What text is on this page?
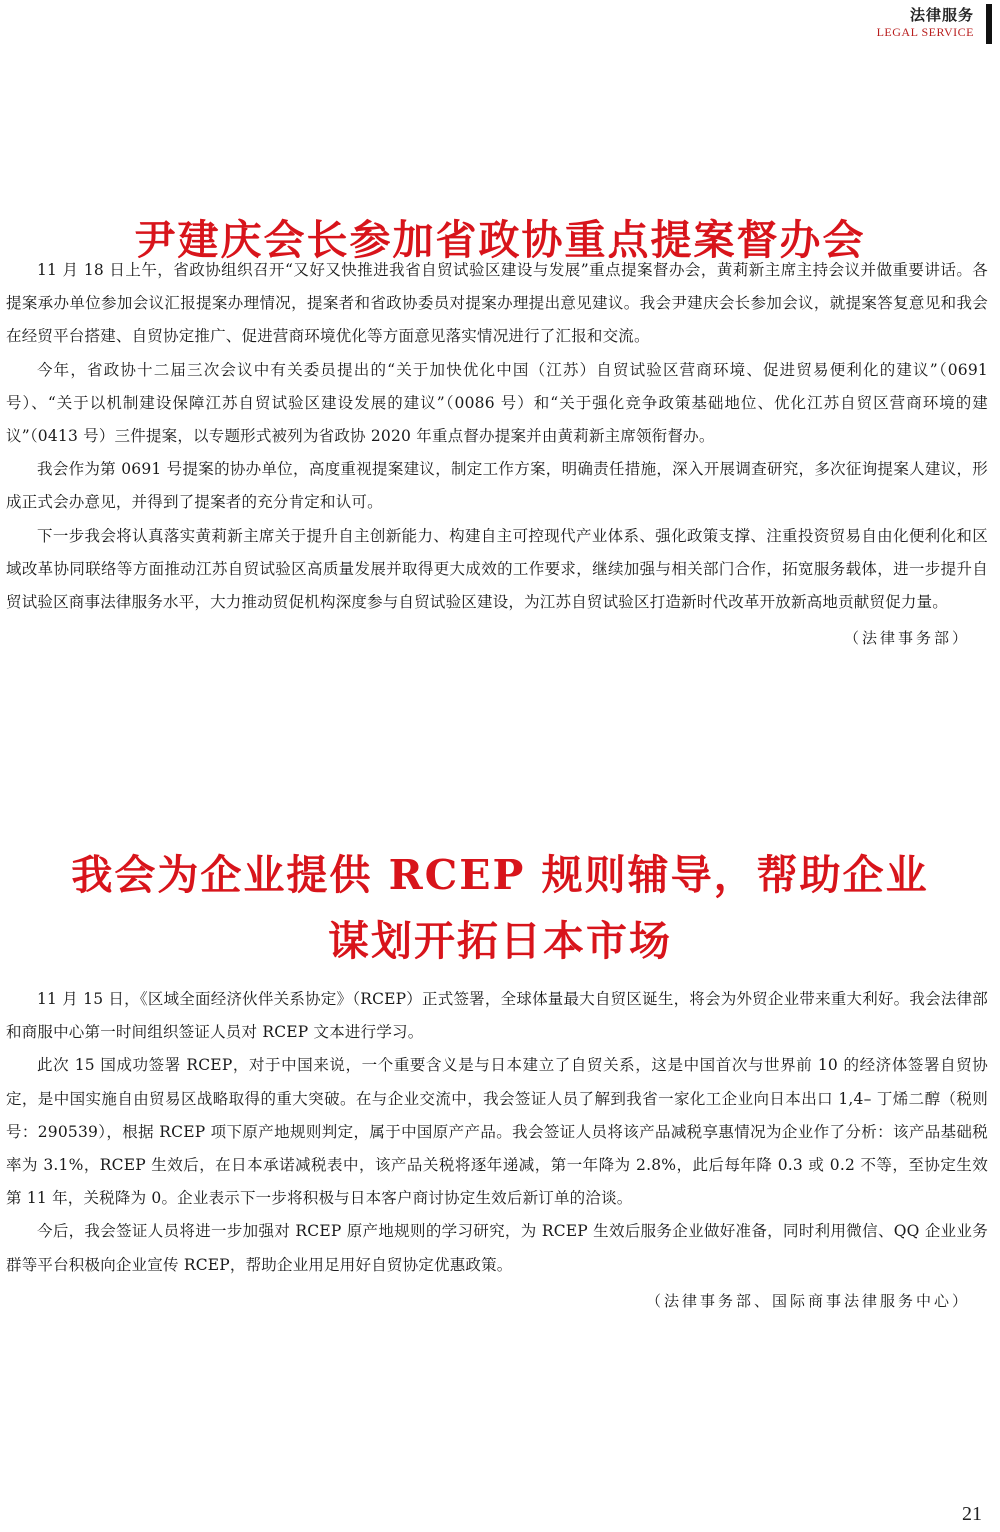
法律服务
LEGAL SERVICE
尹建庆会长参加省政协重点提案督办会

11 月 18 日上午，省政协组织召开“又好又快推进我省自贸试验区建设与发展”重点提案督办会，黄莉新主席主持会议并做重要讲话。各提案承办单位参加会议汇报提案办理情况，提案者和省政协委员对提案办理提出意见建议。我会尹建庆会长参加会议，就提案答复意见和我会在经贸平台搭建、自贸协定推广、促进营商环境优化等方面意见落实情况进行了汇报和交流。

今年，省政协十二届三次会议中有关委员提出的“关于加快优化中国（江苏）自贸试验区营商环境、促进贸易便利化的建议”（0691 号）、“关于以机制建设保障江苏自贸试验区建设发展的建议”（0086 号）和“关于强化竞争政策基础地位、优化江苏自贸区营商环境的建议”（0413 号）三件提案，以专题形式被列为省政协 2020 年重点督办提案并由黄莉新主席领衔督办。

我会作为第 0691 号提案的协办单位，高度重视提案建议，制定工作方案，明确责任措施，深入开展调查研究，多次征询提案人建议，形成正式会办意见，并得到了提案者的充分肯定和认可。

下一步我会将认真落实黄莉新主席关于提升自主创新能力、构建自主可控现代产业体系、强化政策支撑、注重投资贸易自由化便利化和区域改革协同联络等方面推动江苏自贸试验区高质量发展并取得更大成效的工作要求，继续加强与相关部门合作，拓宽服务载体，进一步提升自贸试验区商事法律服务水平，大力推动贸促机构深度参与自贸试验区建设，为江苏自贸试验区打造新时代改革开放新高地贡献贸促力量。

（法律事务部）
我会为企业提供 RCEP 规则辅导，帮助企业
谋划开拓日本市场

11 月 15 日，《区域全面经济伙伴关系协定》（RCEP）正式签署，全球体量最大自贸区诞生，将会为外贸企业带来重大利好。我会法律部和商服中心第一时间组织签证人员对 RCEP 文本进行学习。

此次 15 国成功签署 RCEP，对于中国来说，一个重要含义是与日本建立了自贸关系，这是中国首次与世界前 10 的经济体签署自贸协定，是中国实施自由贸易区战略取得的重大突破。在与企业交流中，我会签证人员了解到我省一家化工企业向日本出口 1,4– 丁烯二醇（税则号：290539），根据 RCEP 项下原产地规则判定，属于中国原产产品。我会签证人员将该产品减税享惠情况为企业作了分析：该产品基础税率为 3.1%，RCEP 生效后，在日本承诺减税表中，该产品关税将逐年递减，第一年降为 2.8%，此后每年降 0.3 或 0.2 不等，至协定生效第 11 年，关税降为 0。企业表示下一步将积极与日本客户商讨协定生效后新订单的洽谈。

今后，我会签证人员将进一步加强对 RCEP 原产地规则的学习研究，为 RCEP 生效后服务企业做好准备，同时利用微信、QQ 企业业务群等平台积极向企业宣传 RCEP，帮助企业用足用好自贸协定优惠政策。

（法律事务部、国际商事法律服务中心）
21
